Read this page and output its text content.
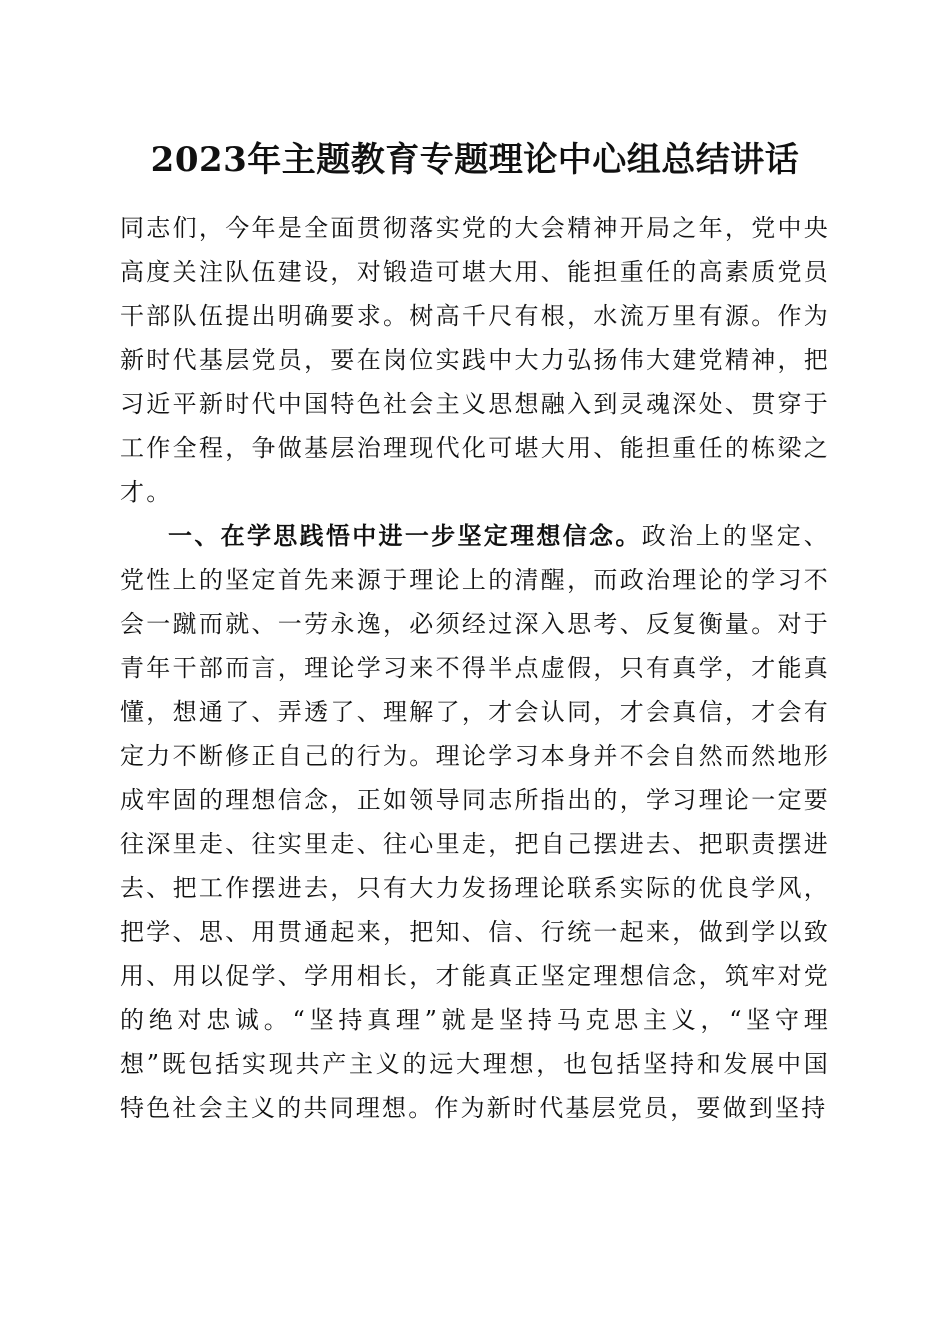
2023年主题教育专题理论中心组总结讲话

同志们，今年是全面贯彻落实党的大会精神开局之年，党中央高度关注队伍建设，对锻造可堪大用、能担重任的高素质党员干部队伍提出明确要求。树高千尺有根，水流万里有源。作为新时代基层党员，要在岗位实践中大力弘扬伟大建党精神，把习近平新时代中国特色社会主义思想融入到灵魂深处、贯穿于工作全程，争做基层治理现代化可堪大用、能担重任的栋梁之才。

一、在学思践悟中进一步坚定理想信念。政治上的坚定、党性上的坚定首先来源于理论上的清醒，而政治理论的学习不会一蹴而就、一劳永逸，必须经过深入思考、反复衡量。对于青年干部而言，理论学习来不得半点虚假，只有真学，才能真懂，想通了、弄透了、理解了，才会认同，才会真信，才会有定力不断修正自己的行为。理论学习本身并不会自然而然地形成牢固的理想信念，正如领导同志所指出的，学习理论一定要往深里走、往实里走、往心里走，把自己摆进去、把职责摆进去、把工作摆进去，只有大力发扬理论联系实际的优良学风，把学、思、用贯通起来，把知、信、行统一起来，做到学以致用、用以促学、学用相长，才能真正坚定理想信念，筑牢对党的绝对忠诚。“坚持真理”就是坚持马克思主义，“坚守理想”既包括实现共产主义的远大理想，也包括坚持和发展中国特色社会主义的共同理想。作为新时代基层党员，要做到坚持
